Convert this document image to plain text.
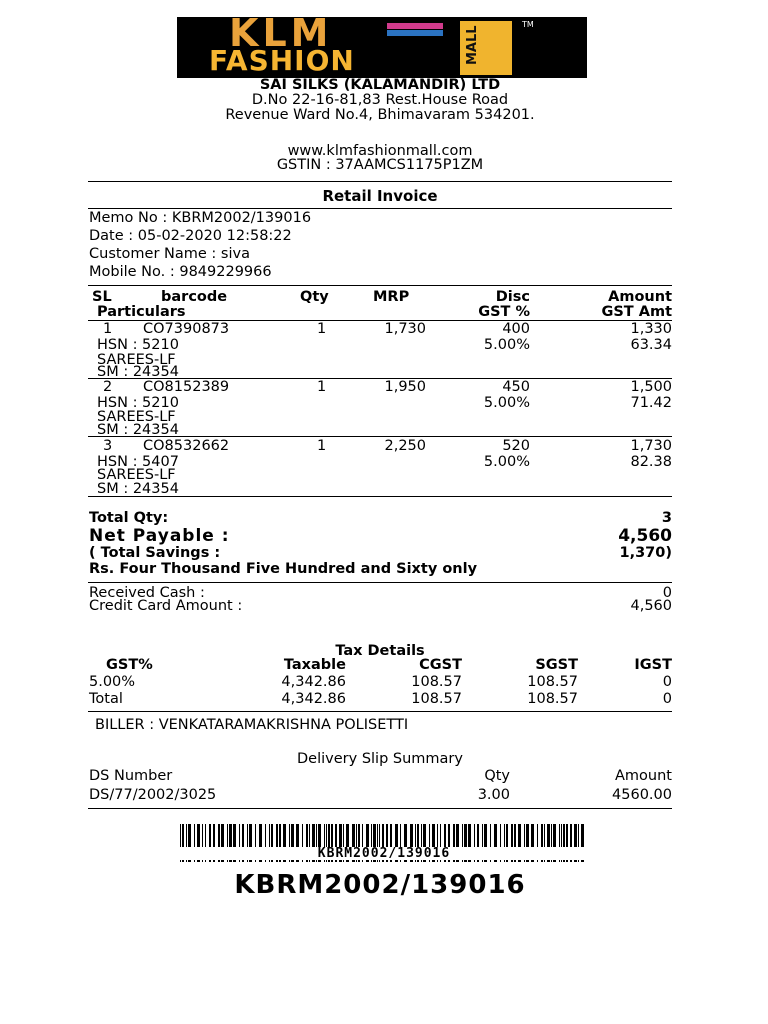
KLM
FASHION	MALL
TM
SAI SILKS (KALAMANDIR) LTD
D.No 22-16-81,83 Rest.House Road
Revenue Ward No.4, Bhimavaram 534201.
www.klmfashionmall.com
GSTIN : 37AAMCS1175P1ZM
Retail Invoice
Memo No : KBRM2002/139016
Date : 05-02-2020 12:58:22
Customer Name : siva
Mobile No. : 9849229966
SL	barcode	Qty	MRP	Disc	Amount
Particulars	GST %	GST Amt
1 CO7390873	1	1,730	400	1,330
HSN : 5210	5.00%	63.34
SAREES-LF
SM : 24354
2 CO8152389	1	1,950	450	1,500
HSN : 5210	5.00%	71.42
SAREES-LF
SM : 24354
3 CO8532662	1	2,250	520	1,730
HSN : 5407	5.00%	82.38
SAREES-LF
SM : 24354
Total Qty:	3
Net Payable :	4,560
( Total Savings :	1,370)
Rs. Four Thousand Five Hundred and Sixty only
Received Cash :	0
Credit Card Amount :	4,560
Tax Details
GST%	Taxable	CGST	SGST	IGST
5.00%	4,342.86	108.57	108.57	0
Total	4,342.86	108.57	108.57	0
BILLER : VENKATARAMAKRISHNA POLISETTI
Delivery Slip Summary
DS Number	Qty	Amount
DS/77/2002/3025	3.00	4560.00
KBRM2002/139016
KBRM2002/139016
